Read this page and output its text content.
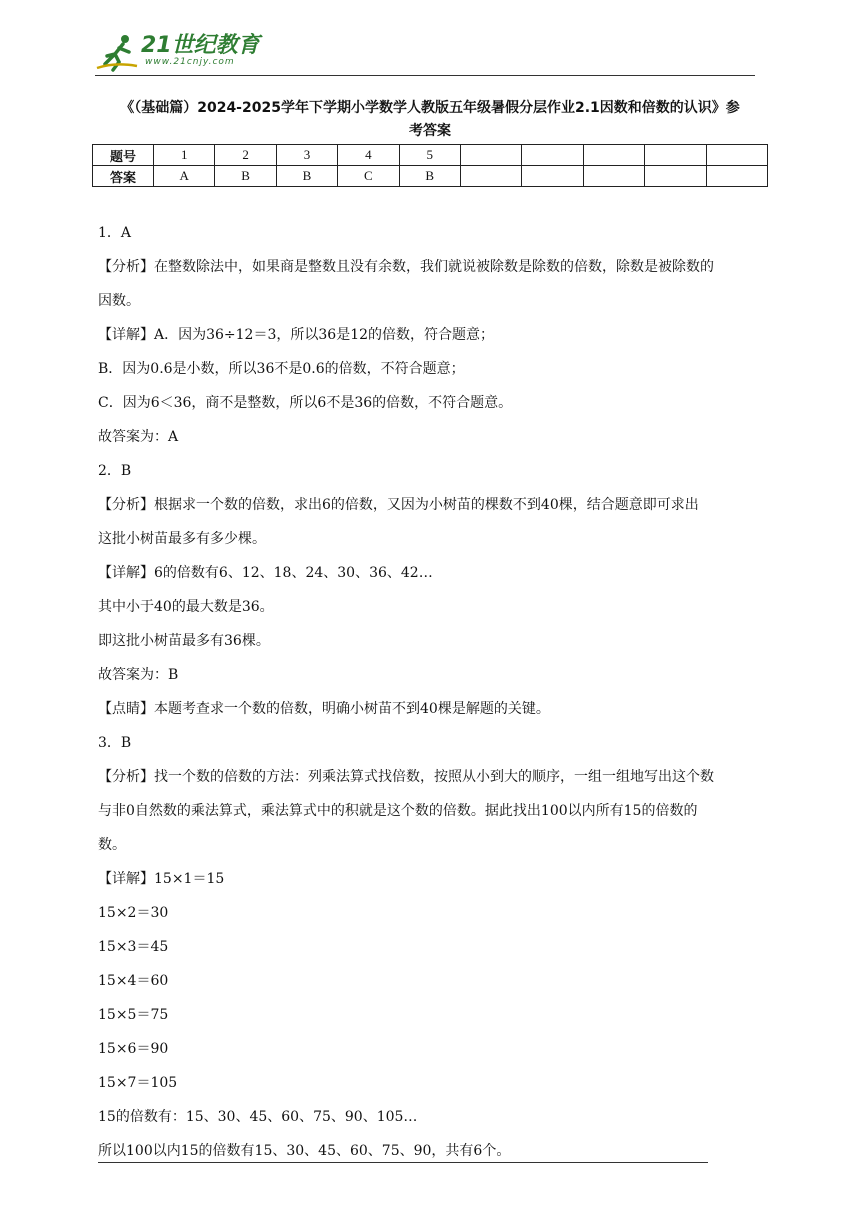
21世纪教育
www.21cnjy.com
《（基础篇）2024-2025学年下学期小学数学人教版五年级暑假分层作业2.1因数和倍数的认识》参
考答案
题号	1	2	3	4	5					
答案	A	B	B	C	B					

1．A

【分析】在整数除法中，如果商是整数且没有余数，我们就说被除数是除数的倍数，除数是被除数的

因数。

【详解】A．因为36÷12＝3，所以36是12的倍数，符合题意；

B．因为0.6是小数，所以36不是0.6的倍数，不符合题意；

C．因为6＜36，商不是整数，所以6不是36的倍数，不符合题意。

故答案为：A

2．B

【分析】根据求一个数的倍数，求出6的倍数，又因为小树苗的棵数不到40棵，结合题意即可求出

这批小树苗最多有多少棵。

【详解】6的倍数有6、12、18、24、30、36、42…

其中小于40的最大数是36。

即这批小树苗最多有36棵。

故答案为：B

【点睛】本题考查求一个数的倍数，明确小树苗不到40棵是解题的关键。

3．B

【分析】找一个数的倍数的方法：列乘法算式找倍数，按照从小到大的顺序，一组一组地写出这个数

与非0自然数的乘法算式，乘法算式中的积就是这个数的倍数。据此找出100以内所有15的倍数的

数。

【详解】15×1＝15

15×2＝30

15×3＝45

15×4＝60

15×5＝75

15×6＝90

15×7＝105

15的倍数有：15、30、45、60、75、90、105…

所以100以内15的倍数有15、30、45、60、75、90，共有6个。
